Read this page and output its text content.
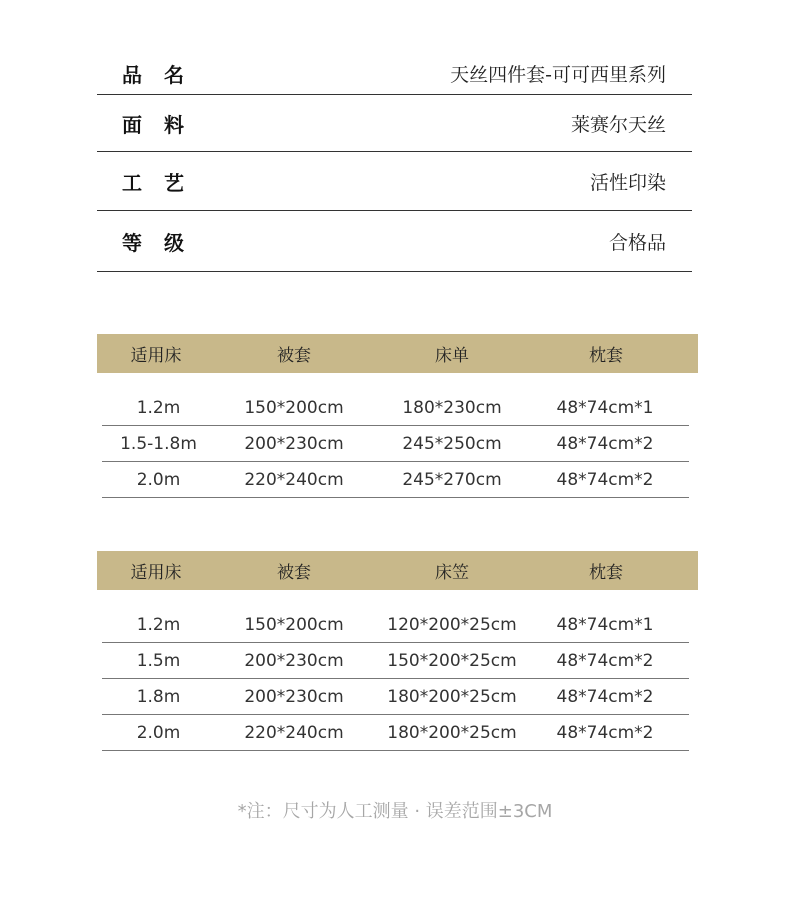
品名	天丝四件套-可可西里系列
面料	莱赛尔天丝
工艺	活性印染
等级	合格品
适用床	被套	床单	枕套
1.2m	150*200cm	180*230cm	48*74cm*1
1.5-1.8m	200*230cm	245*250cm	48*74cm*2
2.0m	220*240cm	245*270cm	48*74cm*2
适用床	被套	床笠	枕套
1.2m	150*200cm	120*200*25cm	48*74cm*1
1.5m	200*230cm	150*200*25cm	48*74cm*2
1.8m	200*230cm	180*200*25cm	48*74cm*2
2.0m	220*240cm	180*200*25cm	48*74cm*2
*注：尺寸为人工测量 · 误差范围±3CM
